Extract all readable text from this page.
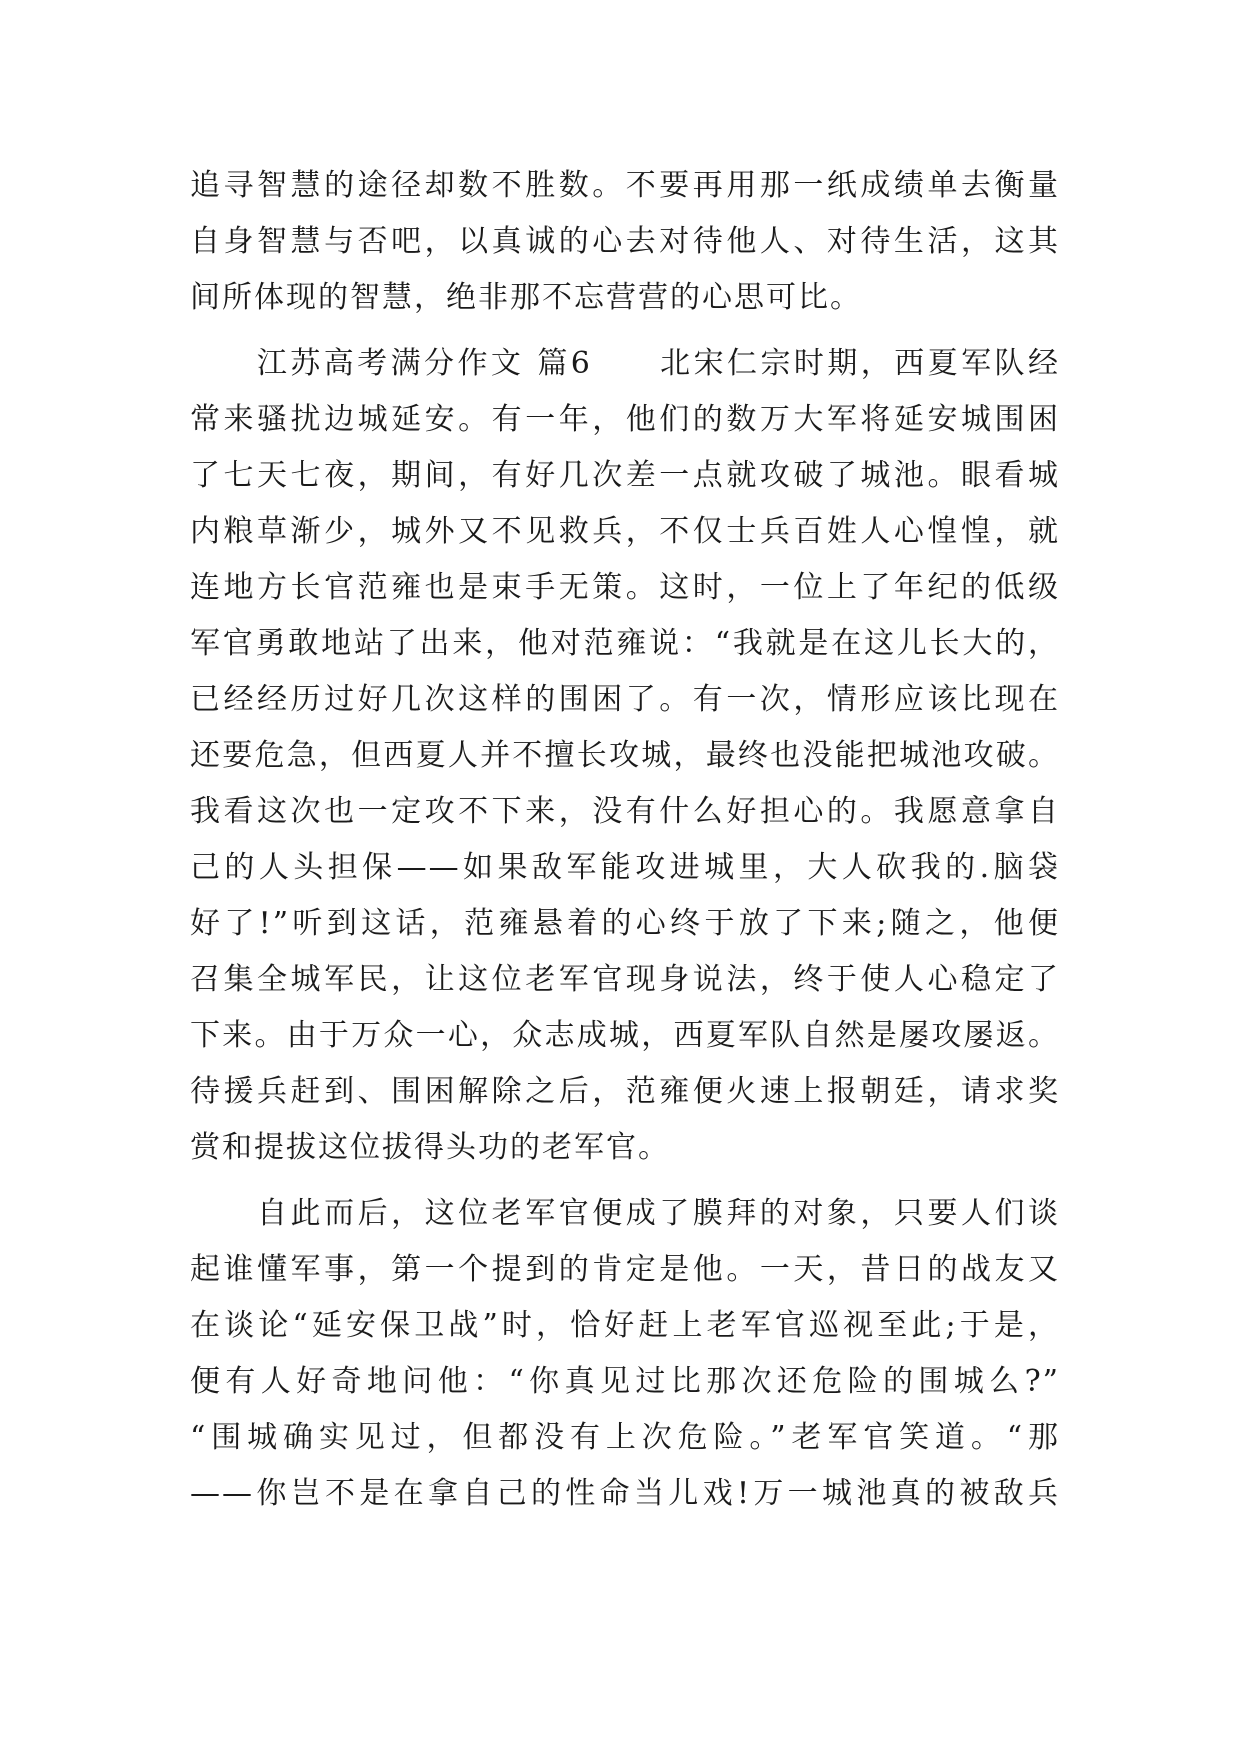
追寻智慧的途径却数不胜数。不要再用那一纸成绩单去衡量
自身智慧与否吧，以真诚的心去对待他人、对待生活，这其
间所体现的智慧，绝非那不忘营营的心思可比。
　　江苏高考满分作文 篇6　　北宋仁宗时期，西夏军队经
常来骚扰边城延安。有一年，他们的数万大军将延安城围困
了七天七夜，期间，有好几次差一点就攻破了城池。眼看城
内粮草渐少，城外又不见救兵，不仅士兵百姓人心惶惶，就
连地方长官范雍也是束手无策。这时，一位上了年纪的低级
军官勇敢地站了出来，他对范雍说：“我就是在这儿长大的，
已经经历过好几次这样的围困了。有一次，情形应该比现在
还要危急，但西夏人并不擅长攻城，最终也没能把城池攻破。
我看这次也一定攻不下来，没有什么好担心的。我愿意拿自
己的人头担保——如果敌军能攻进城里，大人砍我的.脑袋
好了!”听到这话，范雍悬着的心终于放了下来;随之，他便
召集全城军民，让这位老军官现身说法，终于使人心稳定了
下来。由于万众一心，众志成城，西夏军队自然是屡攻屡返。
待援兵赶到、围困解除之后，范雍便火速上报朝廷，请求奖
赏和提拔这位拔得头功的老军官。
　　自此而后，这位老军官便成了膜拜的对象，只要人们谈
起谁懂军事，第一个提到的肯定是他。一天，昔日的战友又
在谈论“延安保卫战”时，恰好赶上老军官巡视至此;于是，
便有人好奇地问他：“你真见过比那次还危险的围城么?”
“围城确实见过，但都没有上次危险。”老军官笑道。“那
——你岂不是在拿自己的性命当儿戏!万一城池真的被敌兵
